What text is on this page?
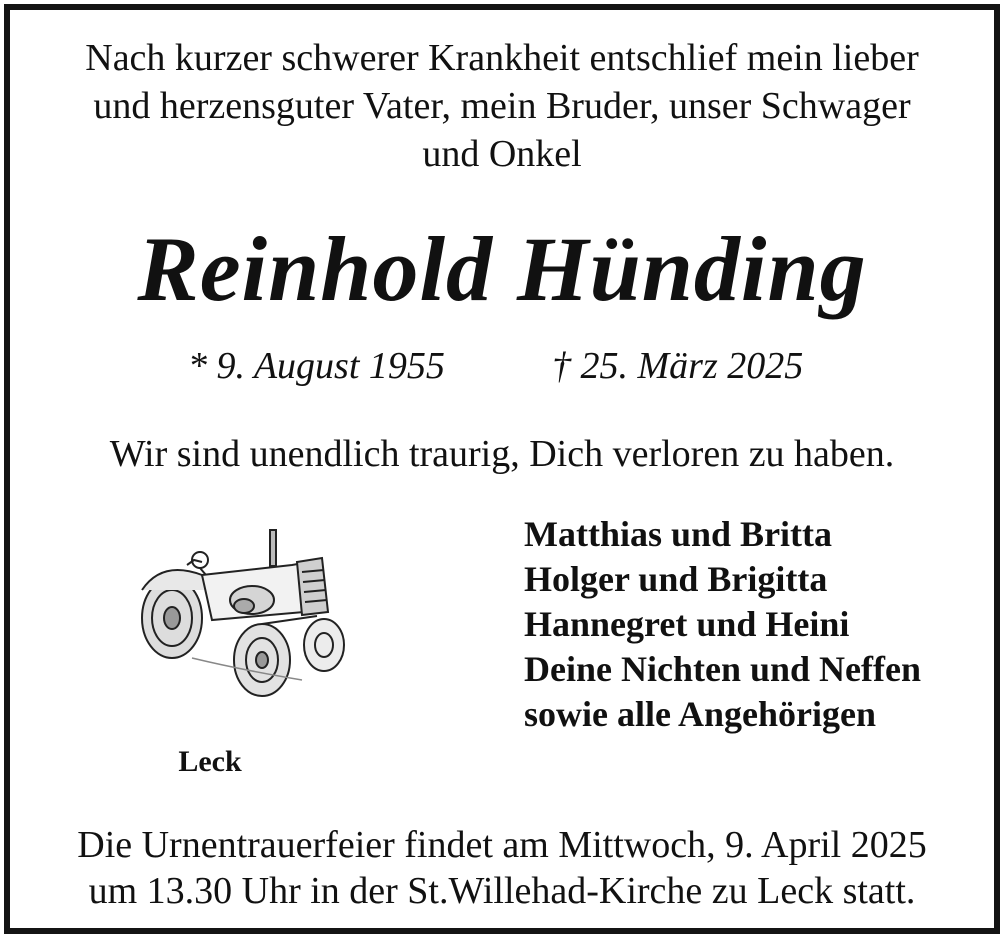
Nach kurzer schwerer Krankheit entschlief mein lieber
und herzensguter Vater, mein Bruder, unser Schwager
und Onkel
Reinhold Hünding
* 9. August 1955	† 25. März 2025
Wir sind unendlich traurig, Dich verloren zu haben.
Leck
Matthias und Britta
Holger und Brigitta
Hannegret und Heini
Deine Nichten und Neffen
sowie alle Angehörigen
Die Urnentrauerfeier findet am Mittwoch, 9. April 2025
um 13.30 Uhr in der St.Willehad-Kirche zu Leck statt.
